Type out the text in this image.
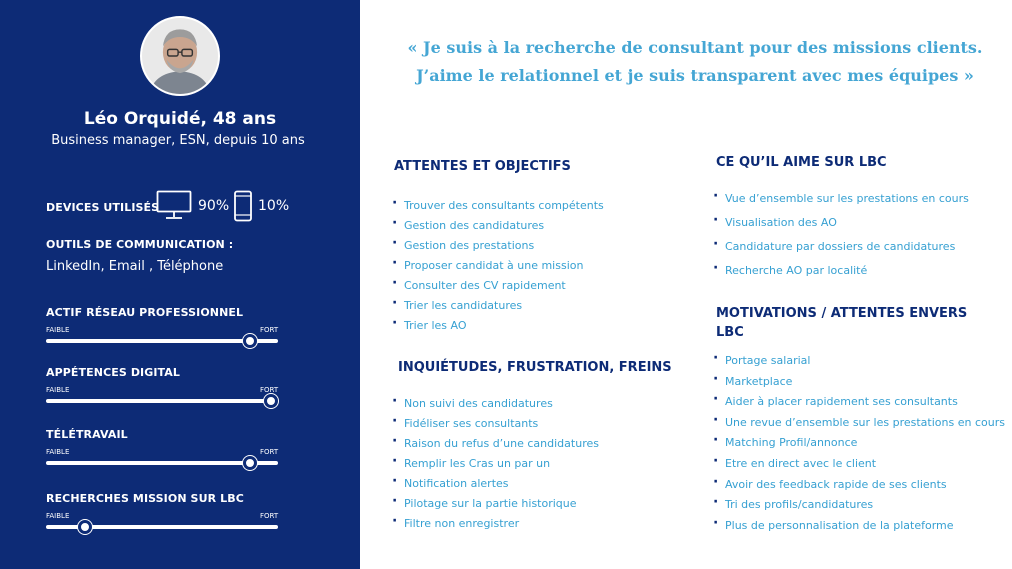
Léo Orquidé, 48 ans
Business manager, ESN, depuis 10 ans
DEVICES UTILISÉS	90% 10%
OUTILS DE COMMUNICATION :
LinkedIn, Email , Téléphone
ACTIF RÉSEAU PROFESSIONNEL
FAIBLE	FORT
APPÉTENCES DIGITAL
FAIBLE	FORT
TÉLÉTRAVAIL
FAIBLE	FORT
RECHERCHES MISSION SUR LBC
FAIBLE	FORT
« Je suis à la recherche de consultant pour des missions clients.
J’aime le relationnel et je suis transparent avec mes équipes »
ATTENTES ET OBJECTIFS
· Trouver des consultants compétents
· Gestion des candidatures
· Gestion des prestations
· Proposer candidat à une mission
· Consulter des CV rapidement
· Trier les candidatures
· Trier les AO
INQUIÉTUDES, FRUSTRATION, FREINS
· Non suivi des candidatures
· Fidéliser ses consultants
· Raison du refus d’une candidatures
· Remplir les Cras un par un
· Notification alertes
· Pilotage sur la partie historique
· Filtre non enregistrer
CE QU’IL AIME SUR LBC
· Vue d’ensemble sur les prestations en cours
· Visualisation des AO
· Candidature par dossiers de candidatures
· Recherche AO par localité
MOTIVATIONS / ATTENTES ENVERS LBC
· Portage salarial
· Marketplace
· Aider à placer rapidement ses consultants
· Une revue d’ensemble sur les prestations en cours
· Matching Profil/annonce
· Etre en direct avec le client
· Avoir des feedback rapide de ses clients
· Tri des profils/candidatures
· Plus de personnalisation de la plateforme
